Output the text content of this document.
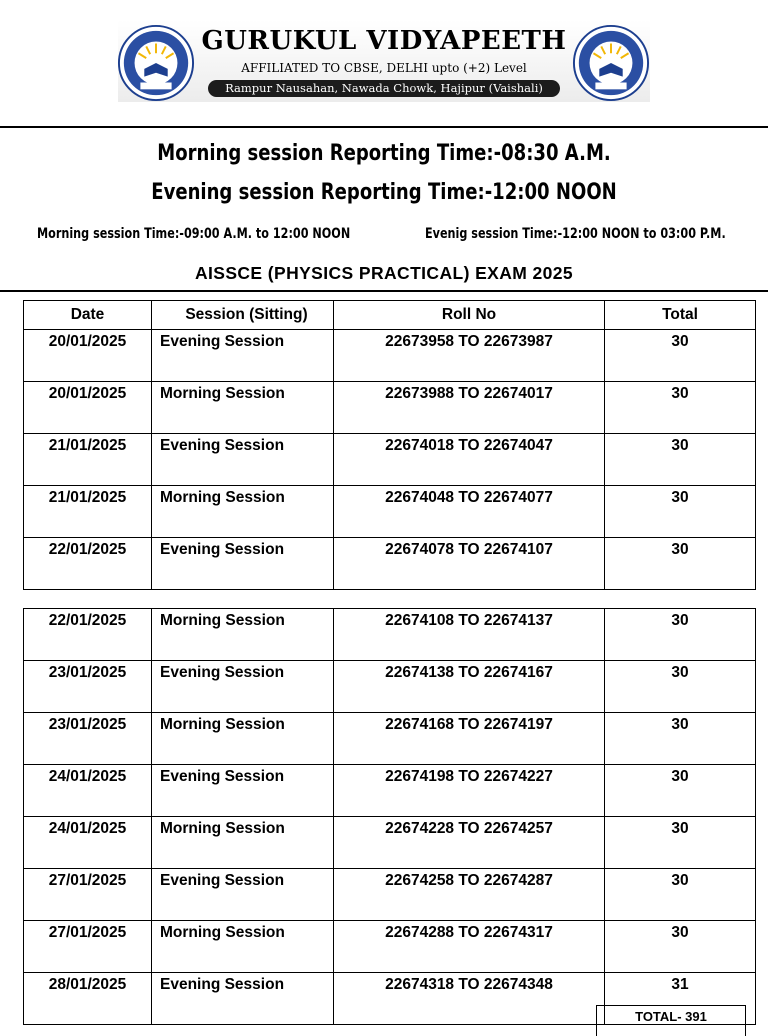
GURUKUL VIDYAPEETH
AFFILIATED TO CBSE, DELHI upto (+2) Level
Rampur Nausahan, Nawada Chowk, Hajipur (Vaishali)
Morning session Reporting Time:-08:30 A.M.
Evening session Reporting Time:-12:00 NOON
Morning session Time:-09:00 A.M. to 12:00 NOON	Evenig session Time:-12:00 NOON to 03:00 P.M.
AISSCE (PHYSICS PRACTICAL) EXAM 2025
Date	Session (Sitting)	Roll No	Total
20/01/2025	Evening Session	22673958 TO 22673987	30
20/01/2025	Morning Session	22673988 TO 22674017	30
21/01/2025	Evening Session	22674018 TO 22674047	30
21/01/2025	Morning Session	22674048 TO 22674077	30
22/01/2025	Evening Session	22674078 TO 22674107	30
22/01/2025	Morning Session	22674108 TO 22674137	30
23/01/2025	Evening Session	22674138 TO 22674167	30
23/01/2025	Morning Session	22674168 TO 22674197	30
24/01/2025	Evening Session	22674198 TO 22674227	30
24/01/2025	Morning Session	22674228 TO 22674257	30
27/01/2025	Evening Session	22674258 TO 22674287	30
27/01/2025	Morning Session	22674288 TO 22674317	30
28/01/2025	Evening Session	22674318 TO 22674348	31
TOTAL- 391
